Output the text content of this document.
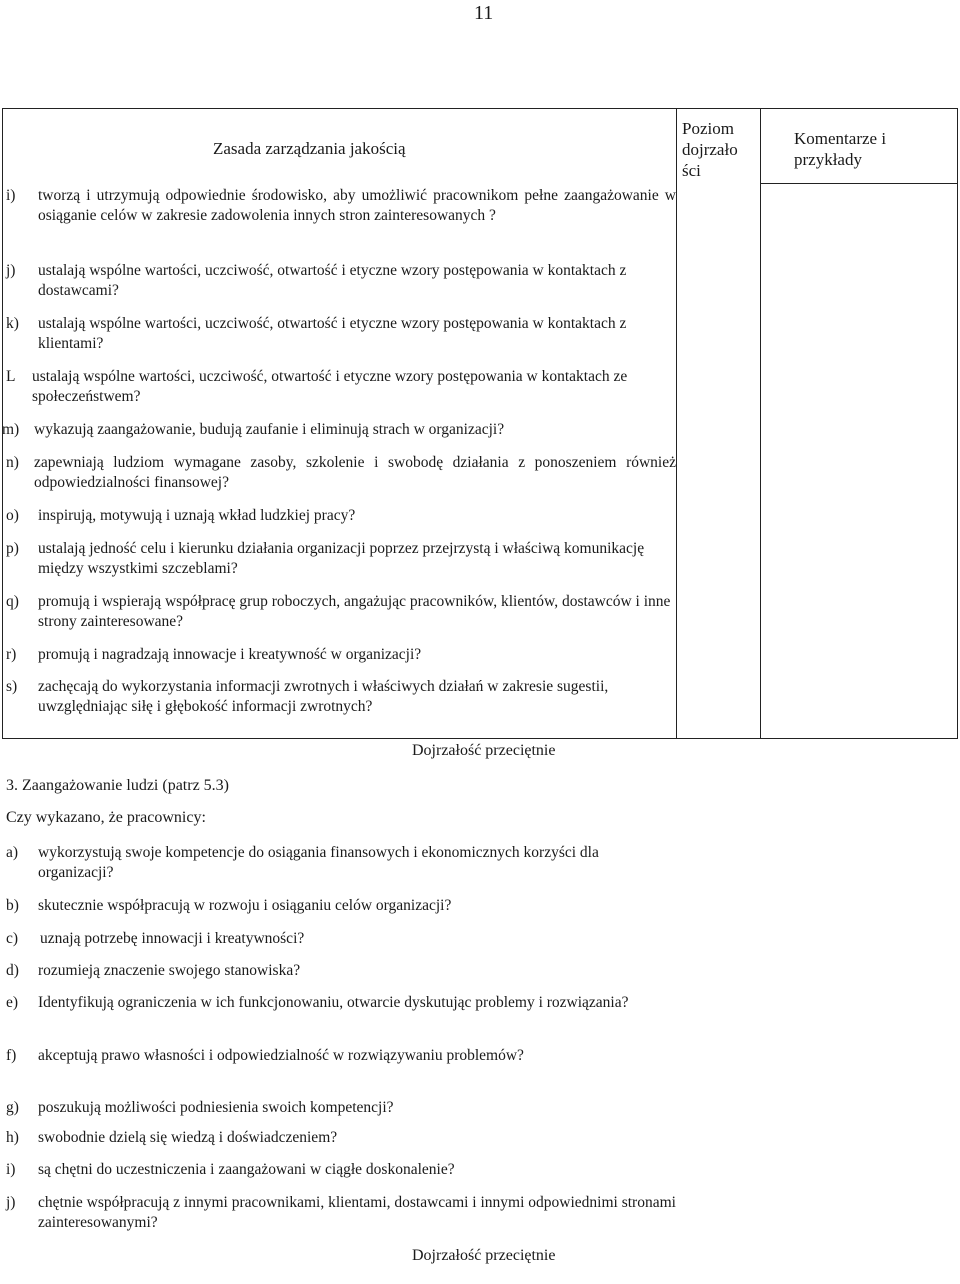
11
Zasada zarządzania jakością
Poziom
dojrzało
ści
Komentarze i
przykłady
i) tworzą i utrzymują odpowiednie środowisko, aby umożliwić pracownikom pełne zaangażowanie w osiąganie celów w zakresie zadowolenia innych stron zainteresowanych ?
j) ustalają wspólne wartości, uczciwość, otwartość i etyczne wzory postępowania w kontaktach z dostawcami?
k) ustalają wspólne wartości, uczciwość, otwartość i etyczne wzory postępowania w kontaktach z klientami?
L ustalają wspólne wartości, uczciwość, otwartość i etyczne wzory postępowania w kontaktach ze społeczeństwem?
m) wykazują zaangażowanie, budują zaufanie i eliminują strach w organizacji?
n) zapewniają ludziom wymagane zasoby, szkolenie i swobodę działania z ponoszeniem również odpowiedzialności finansowej?
o) inspirują, motywują i uznają wkład ludzkiej pracy?
p) ustalają jedność celu i kierunku działania organizacji poprzez przejrzystą i właściwą komunikację między wszystkimi szczeblami?
q) promują i wspierają współpracę grup roboczych, angażując pracowników, klientów, dostawców i inne strony zainteresowane?
r) promują i nagradzają innowacje i kreatywność w organizacji?
s) zachęcają do wykorzystania informacji zwrotnych i właściwych działań w zakresie sugestii, uwzględniając siłę i głębokość informacji zwrotnych?
Dojrzałość przeciętnie
3. Zaangażowanie ludzi (patrz 5.3)
Czy wykazano, że pracownicy:
a) wykorzystują swoje kompetencje do osiągania finansowych i ekonomicznych korzyści dla organizacji?
b) skutecznie współpracują w rozwoju i osiąganiu celów organizacji?
c) uznają potrzebę innowacji i kreatywności?
d) rozumieją znaczenie swojego stanowiska?
e) Identyfikują ograniczenia w ich funkcjonowaniu, otwarcie dyskutując problemy i rozwiązania?
f) akceptują prawo własności i odpowiedzialność w rozwiązywaniu problemów?
g) poszukują możliwości podniesienia swoich kompetencji?
h) swobodnie dzielą się wiedzą i doświadczeniem?
i) są chętni do uczestniczenia i zaangażowani w ciągłe doskonalenie?
j) chętnie współpracują z innymi pracownikami, klientami, dostawcami i innymi odpowiednimi stronami zainteresowanymi?
Dojrzałość przeciętnie
